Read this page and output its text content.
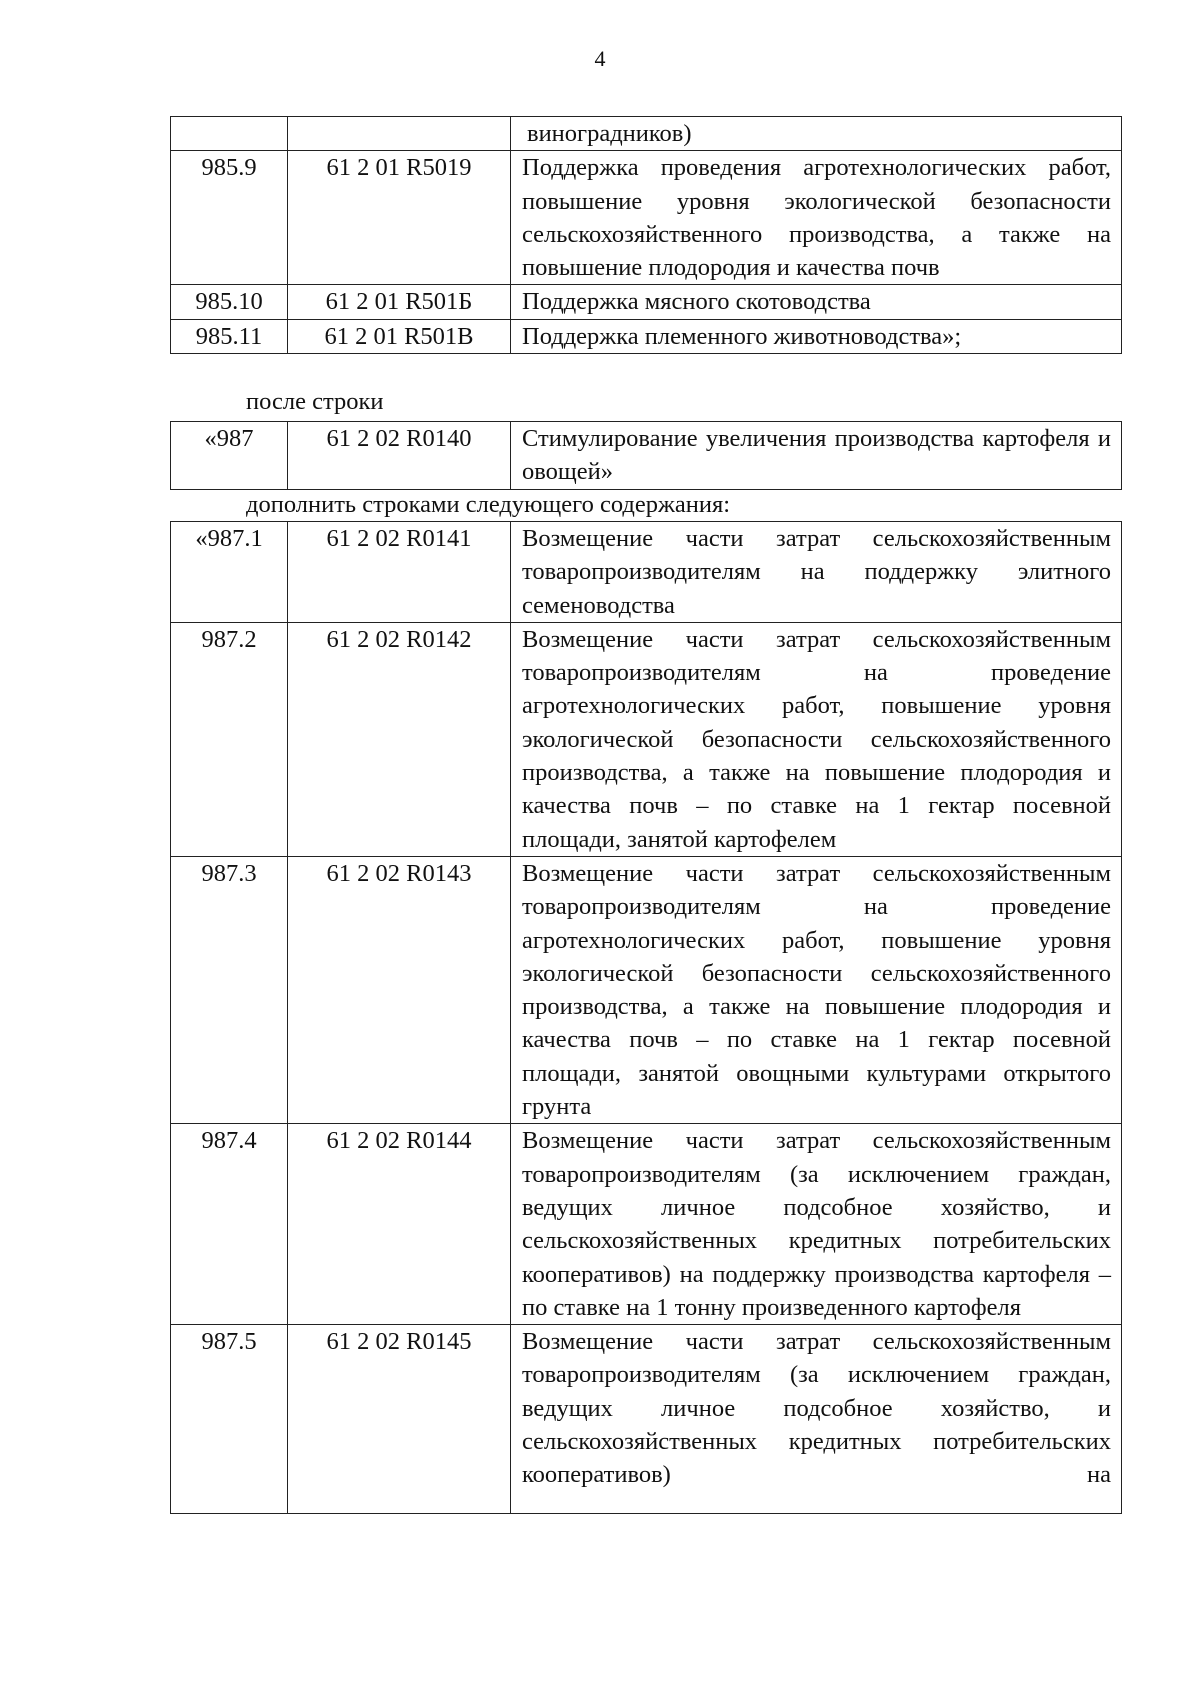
4
		виноградников)
985.9	61 2 01 R5019	Поддержка проведения агротехнологических работ, повышение уровня экологической безопасности сельскохозяйственного производства, а также на повышение плодородия и качества почв
985.10	61 2 01 R501Б	Поддержка мясного скотоводства
985.11	61 2 01 R501В	Поддержка племенного животноводства»;
после строки
«987	61 2 02 R0140	Стимулирование увеличения производства картофеля и овощей»
дополнить строками следующего содержания:
«987.1	61 2 02 R0141	Возмещение части затрат сельскохозяйственным товаропроизводителям на поддержку элитного семеноводства
987.2	61 2 02 R0142	Возмещение части затрат сельскохозяйственным товаропроизводителям на проведение агротехнологических работ, повышение уровня экологической безопасности сельскохозяйственного производства, а также на повышение плодородия и качества почв – по ставке на 1 гектар посевной площади, занятой картофелем
987.3	61 2 02 R0143	Возмещение части затрат сельскохозяйственным товаропроизводителям на проведение агротехнологических работ, повышение уровня экологической безопасности сельскохозяйственного производства, а также на повышение плодородия и качества почв – по ставке на 1 гектар посевной площади, занятой овощными культурами открытого грунта
987.4	61 2 02 R0144	Возмещение части затрат сельскохозяйственным товаропроизводителям (за исключением граждан, ведущих личное подсобное хозяйство, и сельскохозяйственных кредитных потребительских кооперативов) на поддержку производства картофеля – по ставке на 1 тонну произведенного картофеля
987.5	61 2 02 R0145	Возмещение части затрат сельскохозяйственным товаропроизводителям (за исключением граждан, ведущих личное подсобное хозяйство, и сельскохозяйственных кредитных потребительских кооперативов) на
